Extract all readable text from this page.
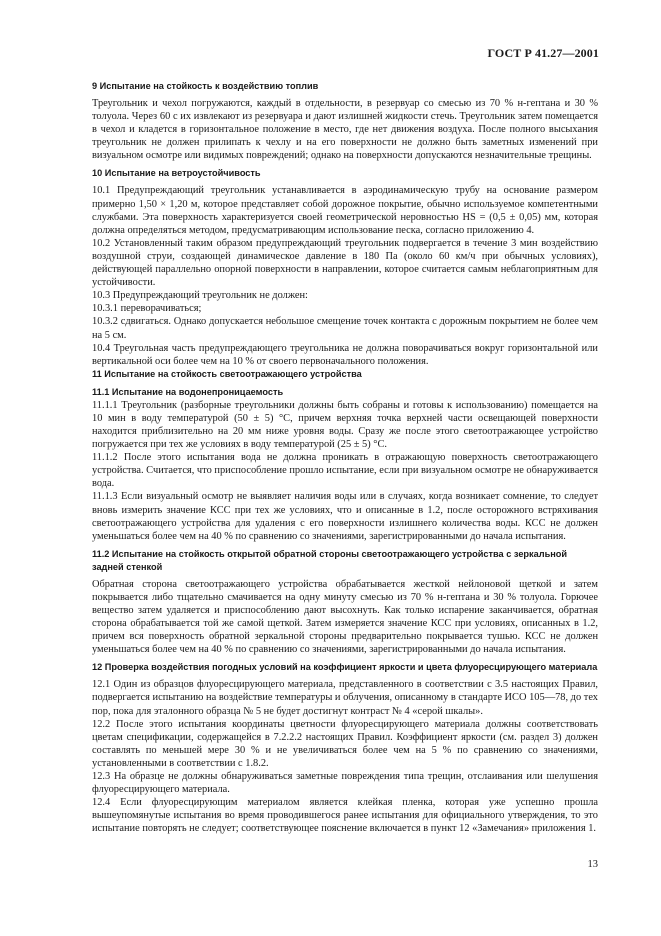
ГОСТ Р 41.27—2001
9 Испытание на стойкость к воздействию топлив

Треугольник и чехол погружаются, каждый в отдельности, в резервуар со смесью из 70 % н-гептана и 30 % толуола. Через 60 с их извлекают из резервуара и дают излишней жидкости стечь. Треугольник затем помещается в чехол и кладется в горизонтальное положение в место, где нет движения воздуха. После полного высыхания треугольник не должен прилипать к чехлу и на его поверхности не должно быть заметных изменений при визуальном осмотре или видимых повреждений; однако на поверхности допускаются незначительные трещины.

10 Испытание на ветроустойчивость

10.1 Предупреждающий треугольник устанавливается в аэродинамическую трубу на основание размером примерно 1,50 × 1,20 м, которое представляет собой дорожное покрытие, обычно используемое компетентными службами. Эта поверхность характеризуется своей геометрической неровностью HS = (0,5 ± 0,05) мм, которая должна определяться методом, предусматривающим использование песка, согласно приложению 4.

10.2 Установленный таким образом предупреждающий треугольник подвергается в течение 3 мин воздействию воздушной струи, создающей динамическое давление в 180 Па (около 60 км/ч при обычных условиях), действующей параллельно опорной поверхности в направлении, которое считается самым неблагоприятным для устойчивости.

10.3 Предупреждающий треугольник не должен:

10.3.1 переворачиваться;

10.3.2 сдвигаться. Однако допускается небольшое смещение точек контакта с дорожным покрытием не более чем на 5 см.

10.4 Треугольная часть предупреждающего треугольника не должна поворачиваться вокруг горизонтальной или вертикальной оси более чем на 10 % от своего первоначального положения.

11 Испытание на стойкость светоотражающего устройства
11.1 Испытание на водонепроницаемость

11.1.1 Треугольник (разборные треугольники должны быть собраны и готовы к использованию) помещается на 10 мин в воду температурой (50 ± 5) °С, причем верхняя точка верхней части освещающей поверхности находится приблизительно на 20 мм ниже уровня воды. Сразу же после этого светоотражающее устройство погружается при тех же условиях в воду температурой (25 ± 5) °С.

11.1.2 После этого испытания вода не должна проникать в отражающую поверхность светоотражающего устройства. Считается, что приспособление прошло испытание, если при визуальном осмотре не обнаруживается вода.

11.1.3 Если визуальный осмотр не выявляет наличия воды или в случаях, когда возникает сомнение, то следует вновь измерить значение КСС при тех же условиях, что и описанные в 1.2, после осторожного встряхивания светоотражающего устройства для удаления с его поверхности излишнего количества воды. КСС не должен уменьшаться более чем на 40 % по сравнению со значениями, зарегистрированными до начала испытания.

11.2 Испытание на стойкость открытой обратной стороны светоотражающего устройства с зеркальной задней стенкой

Обратная сторона светоотражающего устройства обрабатывается жесткой нейлоновой щеткой и затем покрывается либо тщательно смачивается на одну минуту смесью из 70 % н-гептана и 30 % толуола. Горючее вещество затем удаляется и приспособлению дают высохнуть. Как только испарение заканчивается, обратная сторона обрабатывается той же самой щеткой. Затем измеряется значение КСС при условиях, описанных в 1.2, причем вся поверхность обратной зеркальной стороны предварительно покрывается тушью. КСС не должен уменьшаться более чем на 40 % по сравнению со значениями, зарегистрированными до начала испытания.

12 Проверка воздействия погодных условий на коэффициент яркости и цвета флуоресцирующего материала

12.1 Один из образцов флуоресцирующего материала, представленного в соответствии с 3.5 настоящих Правил, подвергается испытанию на воздействие температуры и облучения, описанному в стандарте ИСО 105—78, до тех пор, пока для эталонного образца № 5 не будет достигнут контраст № 4 «серой шкалы».

12.2 После этого испытания координаты цветности флуоресцирующего материала должны соответствовать цветам спецификации, содержащейся в 7.2.2.2 настоящих Правил. Коэффициент яркости (см. раздел 3) должен составлять по меньшей мере 30 % и не увеличиваться более чем на 5 % по сравнению со значениями, установленными в соответствии с 1.8.2.

12.3 На образце не должны обнаруживаться заметные повреждения типа трещин, отслаивания или шелушения флуоресцирующего материала.

12.4 Если флуоресцирующим материалом является клейкая пленка, которая уже успешно прошла вышеупомянутые испытания во время проводившегося ранее испытания для официального утверждения, то это испытание повторять не следует; соответствующее пояснение включается в пункт 12 «Замечания» приложения 1.

13
